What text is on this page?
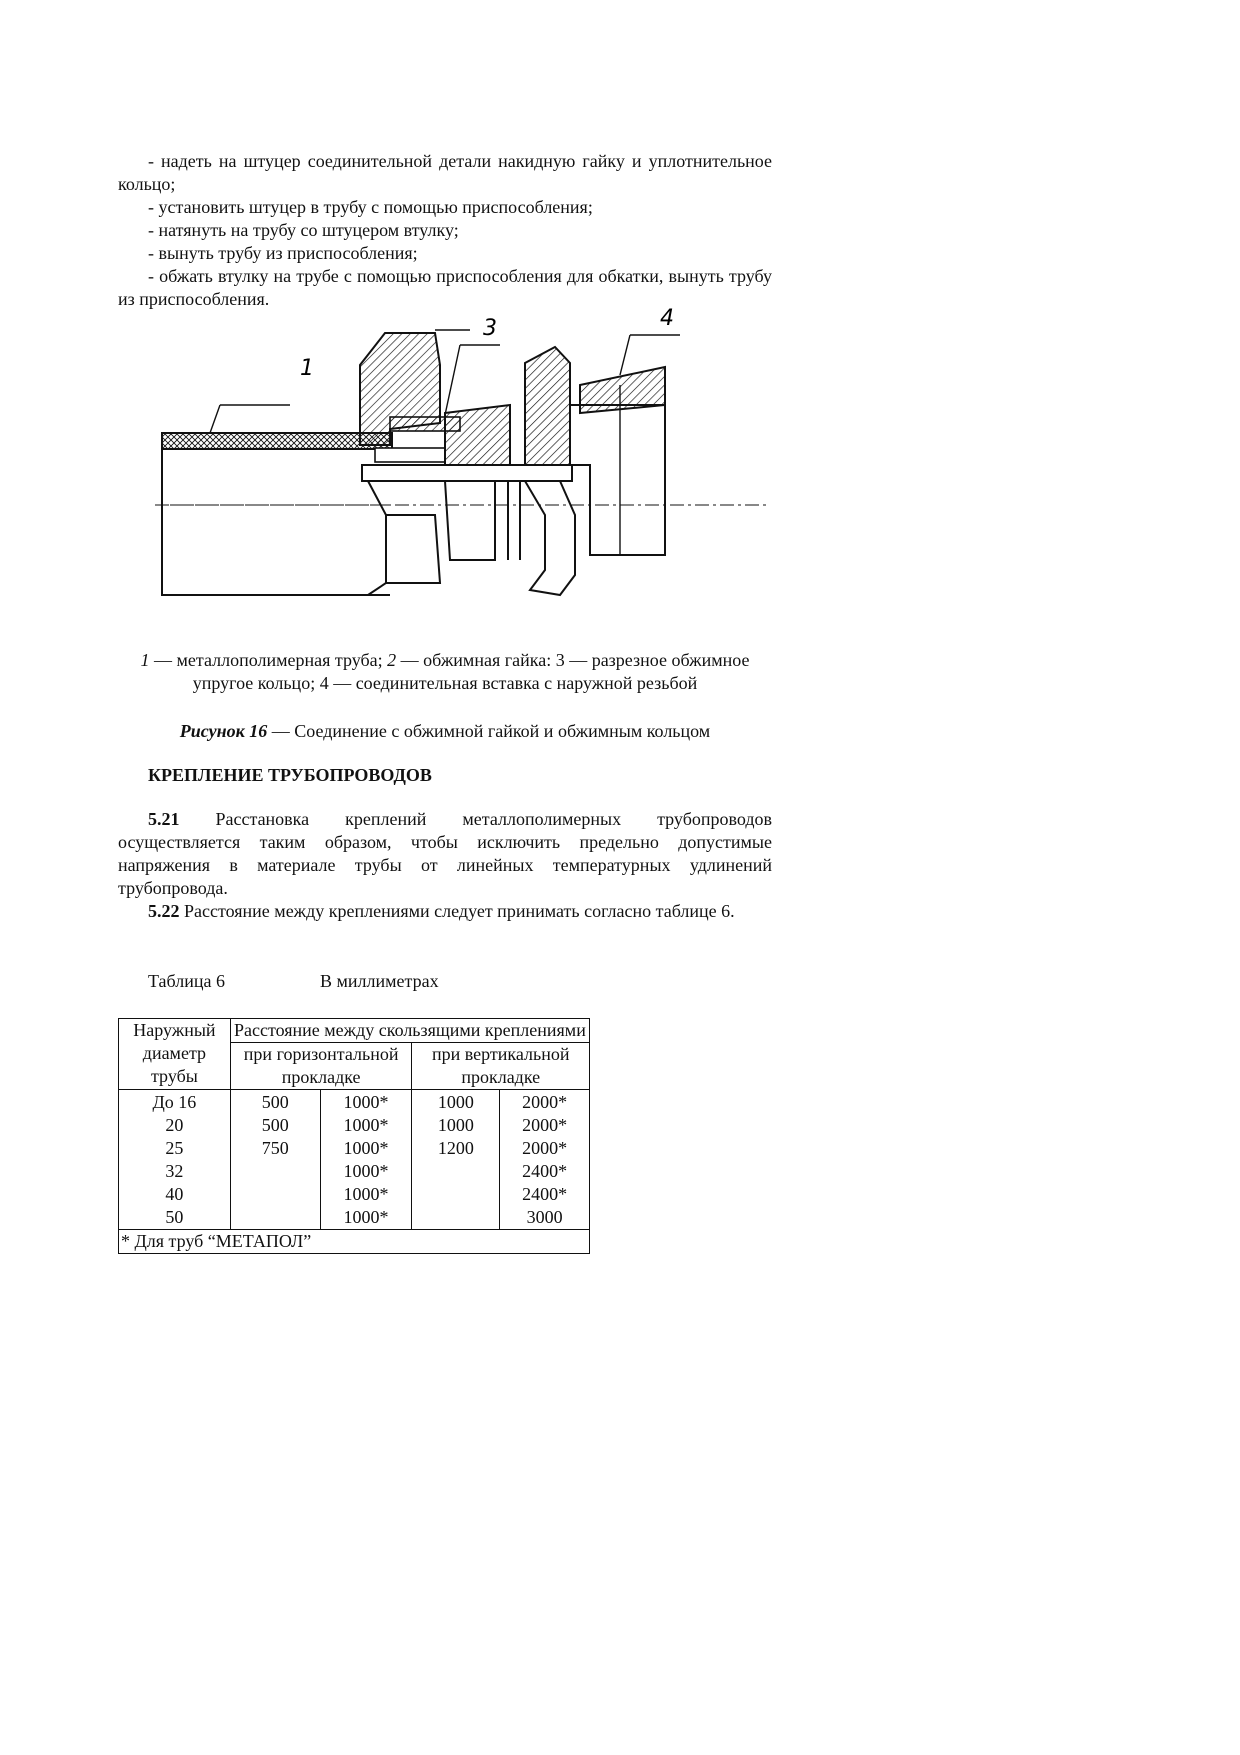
- надеть на штуцер соединительной детали накидную гайку и уплотнительное кольцо;

- установить штуцер в трубу с помощью приспособления;

- натянуть на трубу со штуцером втулку;

- вынуть трубу из приспособления;

- обжать втулку на трубе с помощью приспособления для обкатки, вынуть трубу из приспособления.

1
3	4
1 — металлополимерная труба; 2 — обжимная гайка: 3 — разрезное обжимное упругое кольцо; 4 — соединительная вставка с наружной резьбой
Рисунок 16 — Соединение с обжимной гайкой и обжимным кольцом
КРЕПЛЕНИЕ ТРУБОПРОВОДОВ

5.21 Расстановка креплений металлополимерных трубопроводов осуществляется таким образом, чтобы исключить предельно допустимые напряжения в материале трубы от линейных температурных удлинений трубопровода.

5.22 Расстояние между креплениями следует принимать согласно таблице 6.

Таблица 6	В миллиметрах
Наружный диаметр трубы	Расстояние между скользящими креплениями			
	при горизонтальной прокладке		при вертикальной прокладке	
До 16	500	1000*	1000	2000*
20	500	1000*	1000	2000*
25	750	1000*	1200	2000*
32		1000*		2400*
40		1000*		2400*
50		1000*		3000
* Для труб “МЕТАПОЛ”				
